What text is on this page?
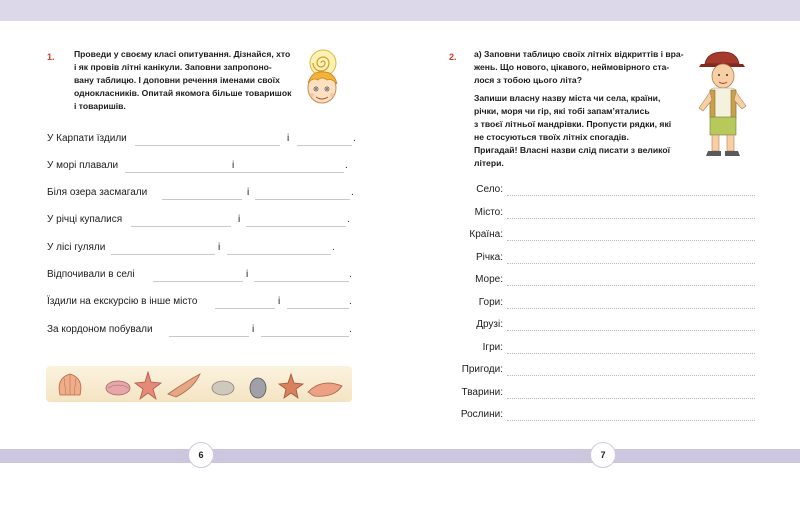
1. Проведи у своєму класі опитування. Дізнайся, хто
і як провів літні канікули. Заповни запропоно-
вану таблицю. І доповни речення іменами своїх
однокласників. Опитай якомога більше товаришок
і товаришів.
У Карпати їздили	і	.
У морі плавали	і	.
Біля озера засмагали	і	.
У річці купалися	і	.
У лісі гуляли	і	.
Відпочивали в селі	і	.
Їздили на екскурсію в інше місто	і	.
За кордоном побували	і	.
2. а) Заповни таблицю своїх літніх відкриттів і вра-
жень. Що нового, цікавого, неймовірного ста-
лося з тобою цього літа?
Запиши власну назву міста чи села, країни,
річки, моря чи гір, які тобі запам’ятались
з твоєї літньої мандрівки. Пропусти рядки, які
не стосуються твоїх літніх спогадів.
Пригадай! Власні назви слід писати з великої
літери.
Село:
Місто:
Країна:
Річка:
Море:
Гори:
Друзі:
Ігри:
Пригоди:
Тварини:
Рослини:
6	7
